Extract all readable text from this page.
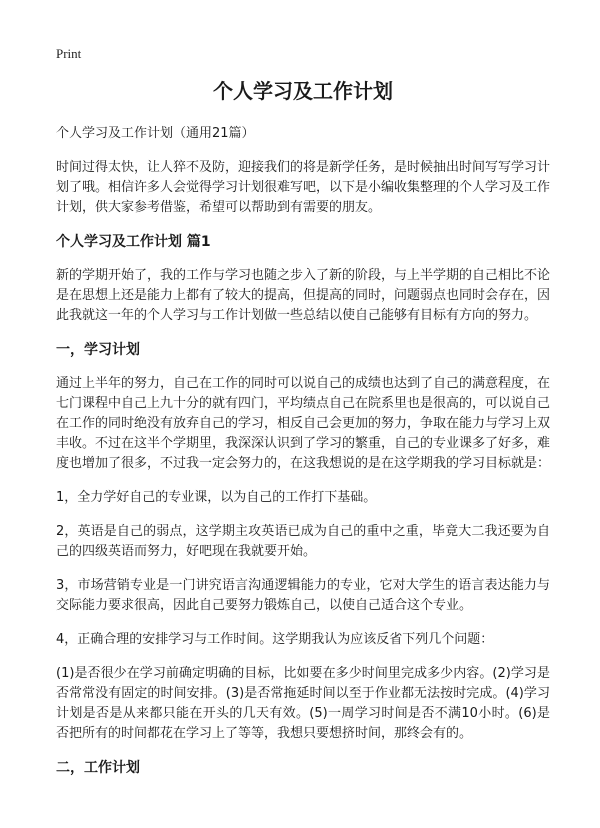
Print
个人学习及工作计划
个人学习及工作计划（通用21篇）

时间过得太快，让人猝不及防，迎接我们的将是新学任务，是时候抽出时间写写学习计划了哦。相信许多人会觉得学习计划很难写吧，以下是小编收集整理的个人学习及工作计划，供大家参考借鉴，希望可以帮助到有需要的朋友。

个人学习及工作计划 篇1

新的学期开始了，我的工作与学习也随之步入了新的阶段，与上半学期的自己相比不论是在思想上还是能力上都有了较大的提高，但提高的同时，问题弱点也同时会存在，因此我就这一年的个人学习与工作计划做一些总结以使自己能够有目标有方向的努力。

一，学习计划

通过上半年的努力，自己在工作的同时可以说自己的成绩也达到了自己的满意程度，在七门课程中自己上九十分的就有四门，平均绩点自己在院系里也是很高的，可以说自己在工作的同时绝没有放弃自己的学习，相反自己会更加的努力，争取在能力与学习上双丰收。不过在这半个学期里，我深深认识到了学习的繁重，自己的专业课多了好多，难度也增加了很多，不过我一定会努力的，在这我想说的是在这学期我的学习目标就是：

1，全力学好自己的专业课，以为自己的工作打下基础。

2，英语是自己的弱点，这学期主攻英语已成为自己的重中之重，毕竟大二我还要为自己的四级英语而努力，好吧现在我就要开始。

3，市场营销专业是一门讲究语言沟通逻辑能力的专业，它对大学生的语言表达能力与交际能力要求很高，因此自己要努力锻炼自己，以使自己适合这个专业。

4，正确合理的安排学习与工作时间。这学期我认为应该反省下列几个问题：

(1)是否很少在学习前确定明确的目标，比如要在多少时间里完成多少内容。(2)学习是否常常没有固定的时间安排。(3)是否常拖延时间以至于作业都无法按时完成。(4)学习计划是否是从来都只能在开头的几天有效。(5)一周学习时间是否不满10小时。(6)是否把所有的时间都花在学习上了等等，我想只要想挤时间，那终会有的。

二，工作计划
